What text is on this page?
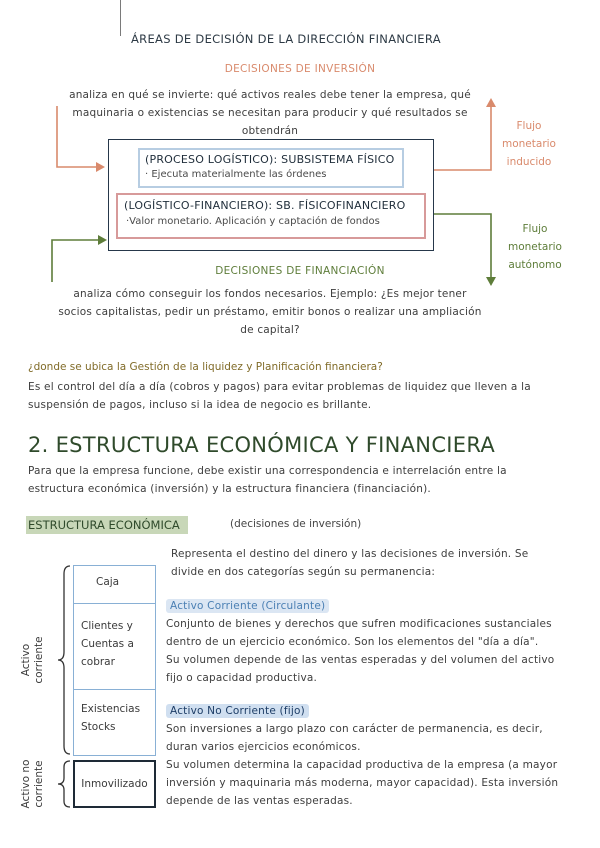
ÁREAS DE DECISIÓN DE LA DIRECCIÓN FINANCIERA
DECISIONES DE INVERSIÓN
analiza en qué se invierte: qué activos reales debe tener la empresa, qué
maquinaria o existencias se necesitan para producir y qué resultados se
obtendrán
(PROCESO LOGÍSTICO): SUBSISTEMA FÍSICO
· Ejecuta materialmente las órdenes
(LOGÍSTICO-FINANCIERO): SB. FÍSICOFINANCIERO
·Valor monetario. Aplicación y captación de fondos
Flujo
monetario
inducido
Flujo
monetario
autónomo
DECISIONES DE FINANCIACIÓN
analiza cómo conseguir los fondos necesarios. Ejemplo: ¿Es mejor tener
socios capitalistas, pedir un préstamo, emitir bonos o realizar una ampliación
de capital?
¿donde se ubica la Gestión de la liquidez y Planificación financiera?
Es el control del día a día (cobros y pagos) para evitar problemas de liquidez que lleven a la
suspensión de pagos, incluso si la idea de negocio es brillante.
2. ESTRUCTURA ECONÓMICA Y FINANCIERA
Para que la empresa funcione, debe existir una correspondencia e interrelación entre la
estructura económica (inversión) y la estructura financiera (financiación).
ESTRUCTURA ECONÓMICA	(decisiones de inversión)
Caja
Clientes y
Cuentas a
cobrar
Existencias
Stocks
Inmovilizado
Activo corriente
Activo no corriente
Representa el destino del dinero y las decisiones de inversión. Se
divide en dos categorías según su permanencia:
Activo Corriente (Circulante)
Conjunto de bienes y derechos que sufren modificaciones sustanciales
dentro de un ejercicio económico. Son los elementos del "día a día".
Su volumen depende de las ventas esperadas y del volumen del activo
fijo o capacidad productiva.
Activo No Corriente (fijo)
Son inversiones a largo plazo con carácter de permanencia, es decir,
duran varios ejercicios económicos.
Su volumen determina la capacidad productiva de la empresa (a mayor
inversión y maquinaria más moderna, mayor capacidad). Esta inversión
depende de las ventas esperadas.
